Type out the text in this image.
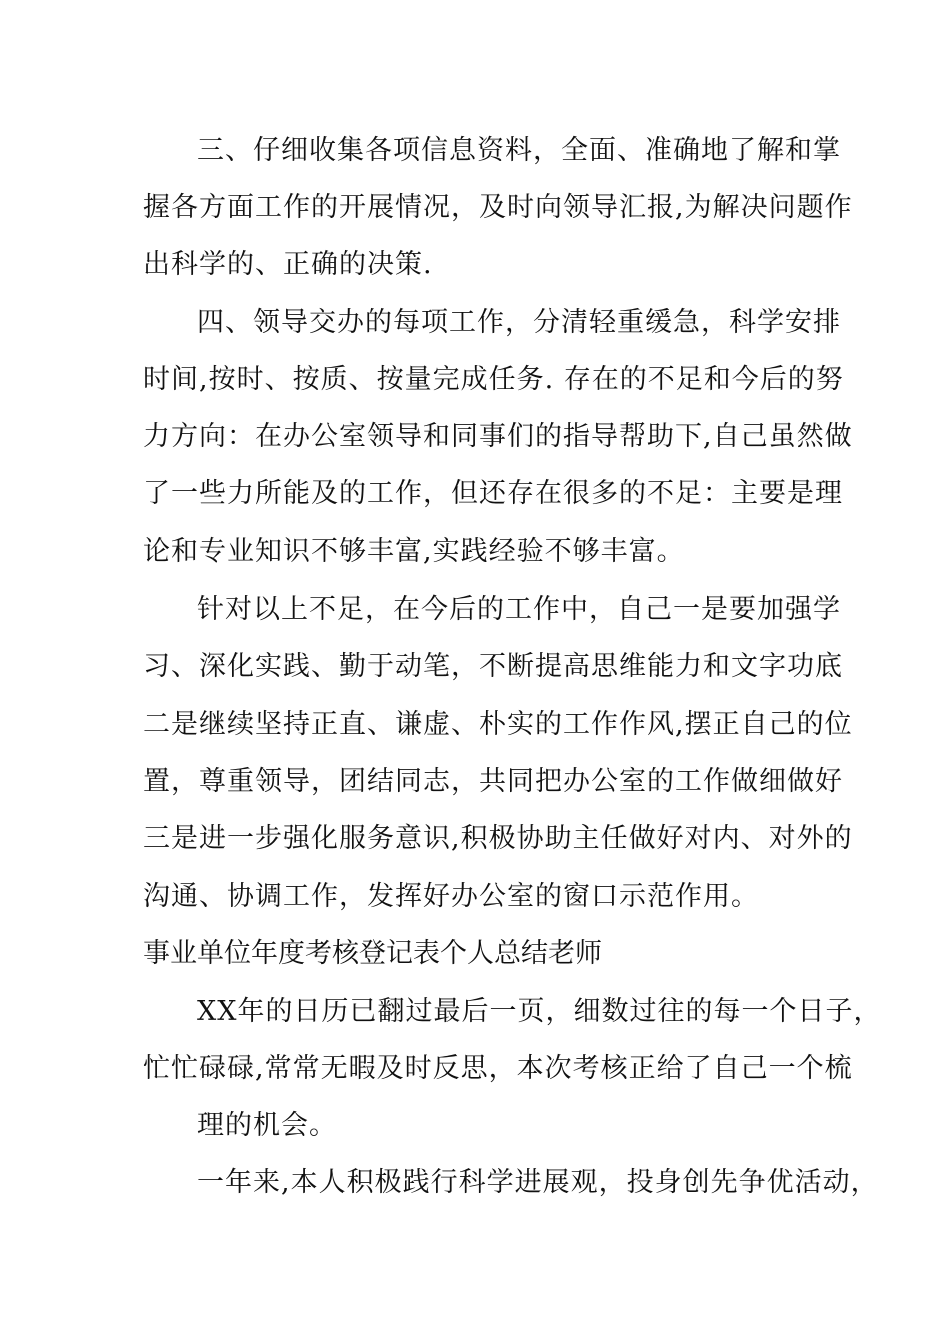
三、仔细收集各项信息资料，全面、准确地了解和掌
握各方面工作的开展情况，及时向领导汇报,为解决问题作
出科学的、正确的决策.
四、领导交办的每项工作，分清轻重缓急，科学安排
时间,按时、按质、按量完成任务. 存在的不足和今后的努
力方向：在办公室领导和同事们的指导帮助下,自己虽然做
了一些力所能及的工作，但还存在很多的不足：主要是理
论和专业知识不够丰富,实践经验不够丰富。
针对以上不足，在今后的工作中，自己一是要加强学
习、深化实践、勤于动笔，不断提高思维能力和文字功底
二是继续坚持正直、谦虚、朴实的工作作风,摆正自己的位
置，尊重领导，团结同志，共同把办公室的工作做细做好
三是进一步强化服务意识,积极协助主任做好对内、对外的
沟通、协调工作，发挥好办公室的窗口示范作用。
事业单位年度考核登记表个人总结老师
XX年的日历已翻过最后一页，细数过往的每一个日子，
忙忙碌碌,常常无暇及时反思，本次考核正给了自己一个梳
理的机会。
一年来,本人积极践行科学进展观，投身创先争优活动，
